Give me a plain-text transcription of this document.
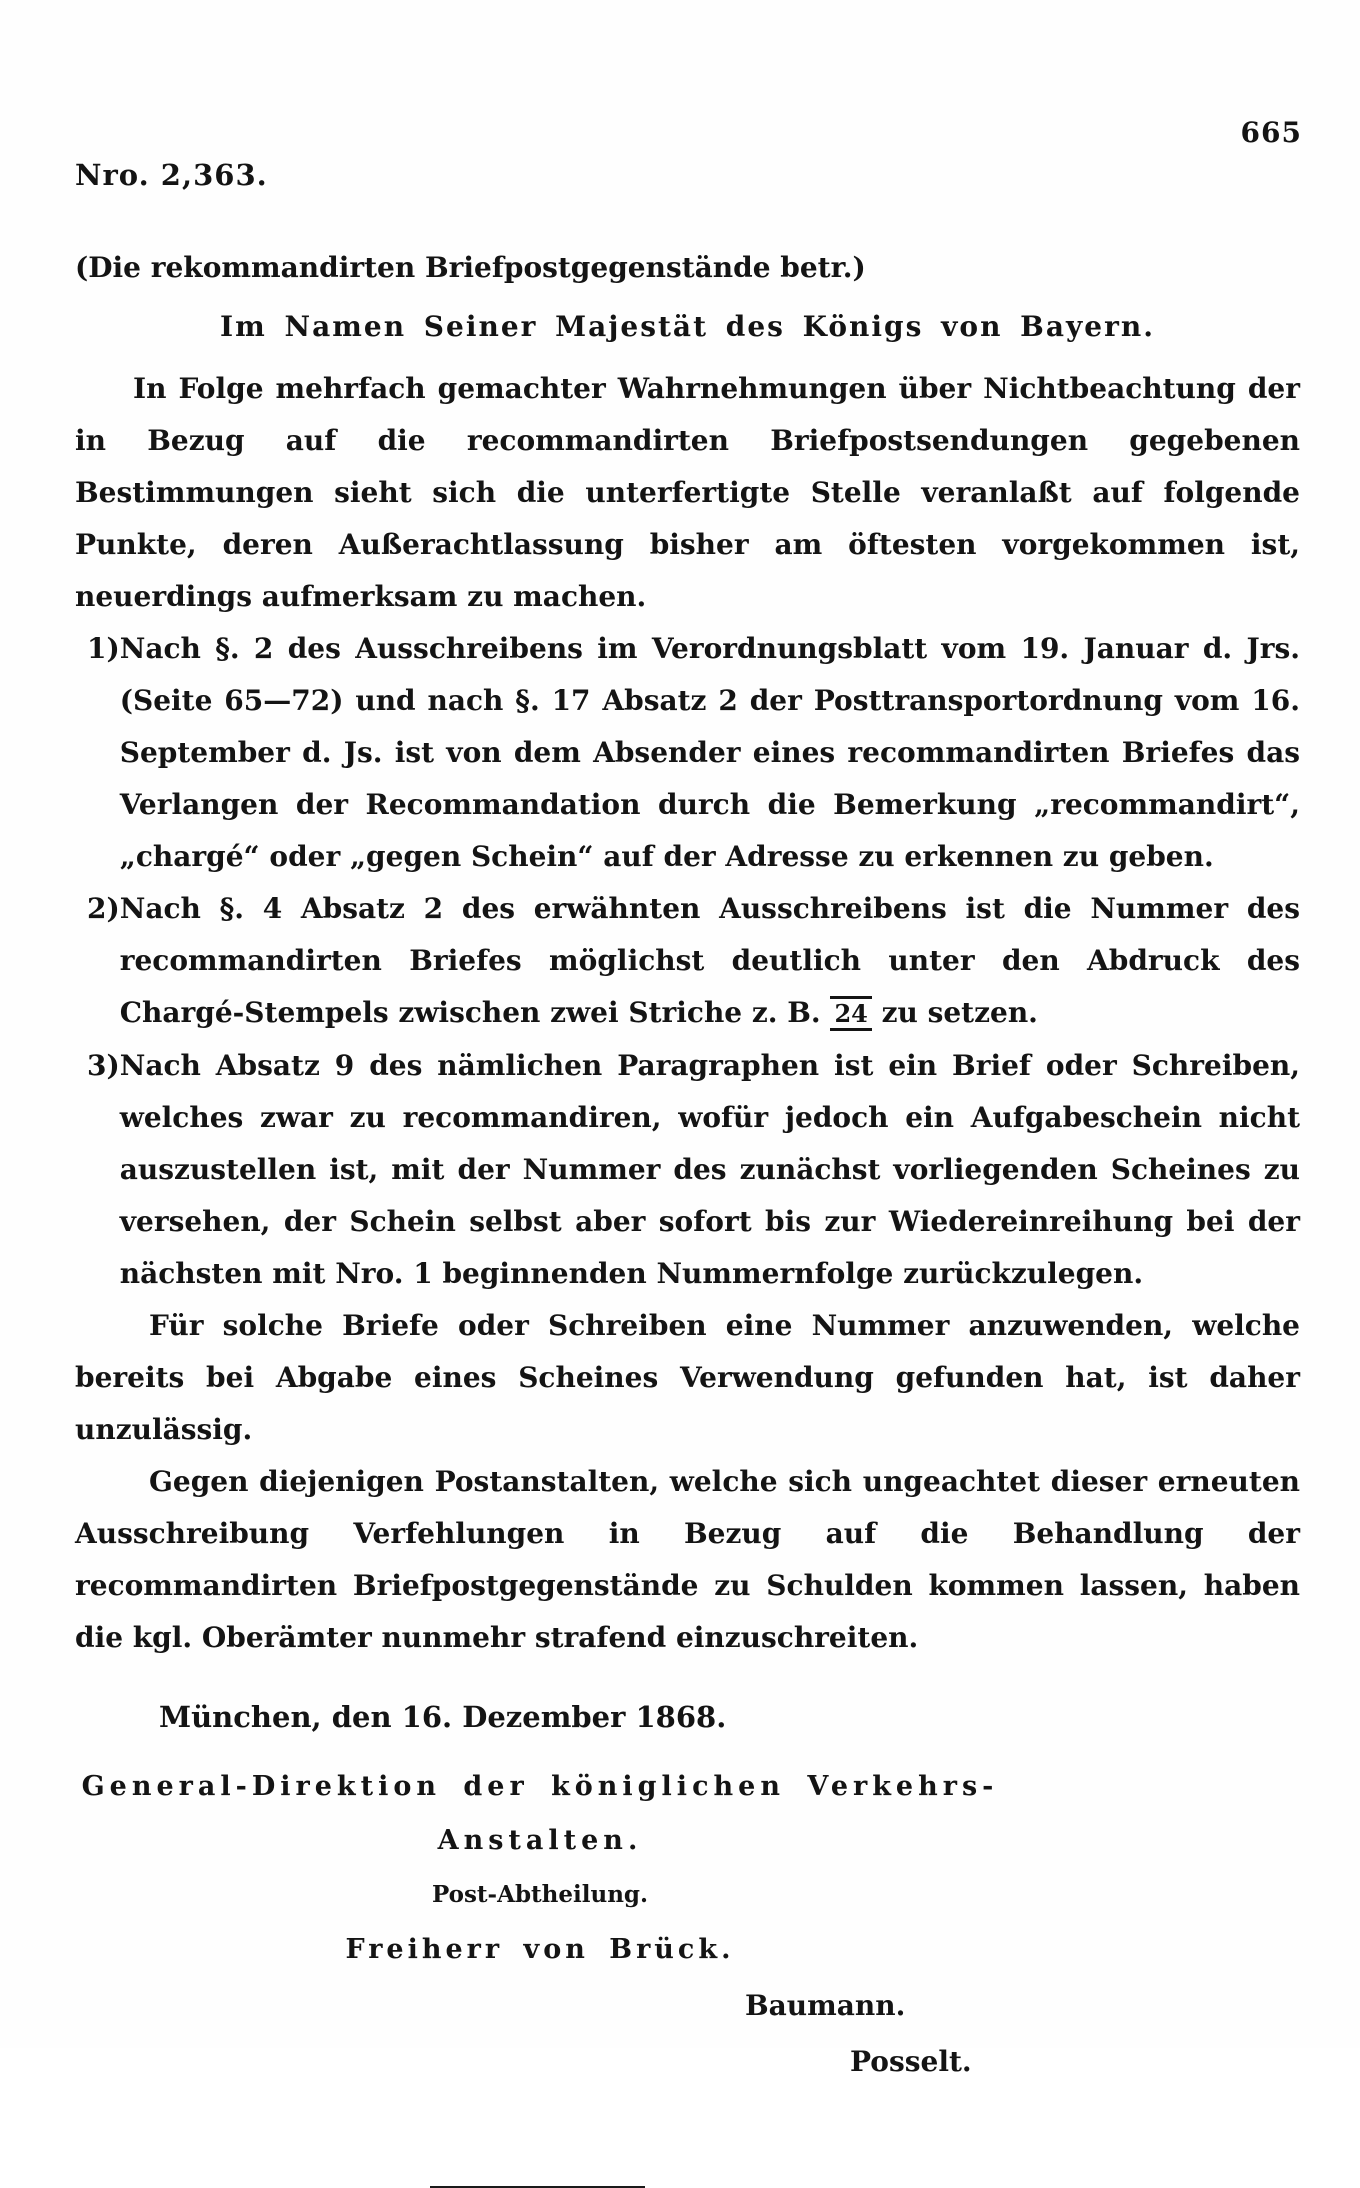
665
Nro. 2,363.
(Die rekommandirten Briefpostgegenstände betr.)
Im Namen Seiner Majestät des Königs von Bayern.

In Folge mehrfach gemachter Wahrnehmungen über Nichtbeachtung der in Bezug auf die recommandirten Briefpostsendungen gegebenen Bestimmungen sieht sich die unterfertigte Stelle veranlaßt auf folgende Punkte, deren Außerachtlassung bisher am öftesten vorgekommen ist, neuerdings aufmerksam zu machen.

1) Nach §. 2 des Ausschreibens im Verordnungsblatt vom 19. Januar d. Jrs. (Seite 65—72) und nach §. 17 Absatz 2 der Posttransportordnung vom 16. September d. Js. ist von dem Absender eines recommandirten Briefes das Verlangen der Recommandation durch die Bemerkung „recommandirt“, „chargé“ oder „gegen Schein“ auf der Adresse zu erkennen zu geben.
2) Nach §. 4 Absatz 2 des erwähnten Ausschreibens ist die Nummer des recommandirten Briefes möglichst deutlich unter den Abdruck des Chargé-Stempels zwischen zwei Striche z. B. 24 zu setzen.
3) Nach Absatz 9 des nämlichen Paragraphen ist ein Brief oder Schreiben, welches zwar zu recommandiren, wofür jedoch ein Aufgabeschein nicht auszustellen ist, mit der Nummer des zunächst vorliegenden Scheines zu versehen, der Schein selbst aber sofort bis zur Wiedereinreihung bei der nächsten mit Nro. 1 beginnenden Nummernfolge zurückzulegen.

Für solche Briefe oder Schreiben eine Nummer anzuwenden, welche bereits bei Abgabe eines Scheines Verwendung gefunden hat, ist daher unzulässig.

Gegen diejenigen Postanstalten, welche sich ungeachtet dieser erneuten Ausschreibung Verfehlungen in Bezug auf die Behandlung der recommandirten Briefpostgegenstände zu Schulden kommen lassen, haben die kgl. Oberämter nunmehr strafend einzuschreiten.

München, den 16. Dezember 1868.

General-Direktion der königlichen Verkehrs-Anstalten.
Post-Abtheilung.
Freiherr von Brück.

Baumann.

Posselt.
